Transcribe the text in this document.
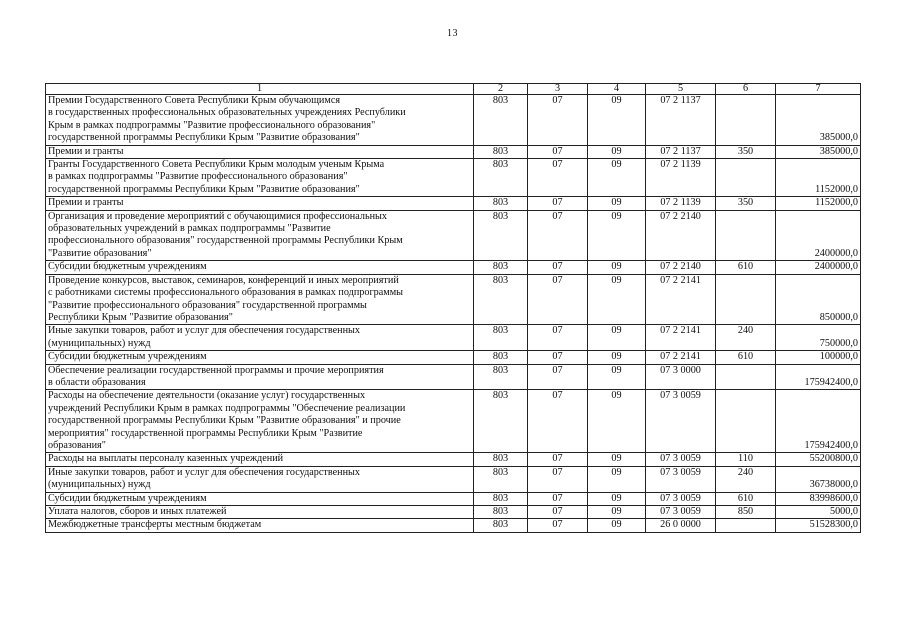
13
1	2	3	4	5	6	7

Премии Государственного Совета Республики Крым обучающимся
в государственных профессиональных образовательных учреждениях Республики
Крым в рамках подпрограммы "Развитие профессионального образования"
государственной программы Республики Крым "Развитие образования"	803	07	09	07 2 1137		385000,0

Премии и гранты	803	07	09	07 2 1137	350	385000,0

Гранты Государственного Совета Республики Крым молодым ученым Крыма
в рамках подпрограммы "Развитие профессионального образования"
государственной программы Республики Крым "Развитие образования"	803	07	09	07 2 1139		1152000,0

Премии и гранты	803	07	09	07 2 1139	350	1152000,0

Организация и проведение мероприятий с обучающимися профессиональных
образовательных учреждений в рамках подпрограммы "Развитие
профессионального образования" государственной программы Республики Крым
"Развитие образования"	803	07	09	07 2 2140		2400000,0

Субсидии бюджетным учреждениям	803	07	09	07 2 2140	610	2400000,0

Проведение конкурсов, выставок, семинаров, конференций и иных мероприятий
с работниками системы профессионального образования в рамках подпрограммы
"Развитие профессионального образования" государственной программы
Республики Крым "Развитие образования"	803	07	09	07 2 2141		850000,0

Иные закупки товаров, работ и услуг для обеспечения государственных
(муниципальных) нужд	803	07	09	07 2 2141	240	750000,0

Субсидии бюджетным учреждениям	803	07	09	07 2 2141	610	100000,0

Обеспечение реализации государственной программы и прочие мероприятия
в области образования	803	07	09	07 3 0000		175942400,0

Расходы на обеспечение деятельности (оказание услуг) государственных
учреждений Республики Крым в рамках подпрограммы "Обеспечение реализации
государственной программы Республики Крым "Развитие образования" и прочие
мероприятия" государственной программы Республики Крым "Развитие
образования"	803	07	09	07 3 0059		175942400,0

Расходы на выплаты персоналу казенных учреждений	803	07	09	07 3 0059	110	55200800,0

Иные закупки товаров, работ и услуг для обеспечения государственных
(муниципальных) нужд	803	07	09	07 3 0059	240	36738000,0

Субсидии бюджетным учреждениям	803	07	09	07 3 0059	610	83998600,0

Уплата налогов, сборов и иных платежей	803	07	09	07 3 0059	850	5000,0

Межбюджетные трансферты местным бюджетам	803	07	09	26 0 0000		51528300,0
